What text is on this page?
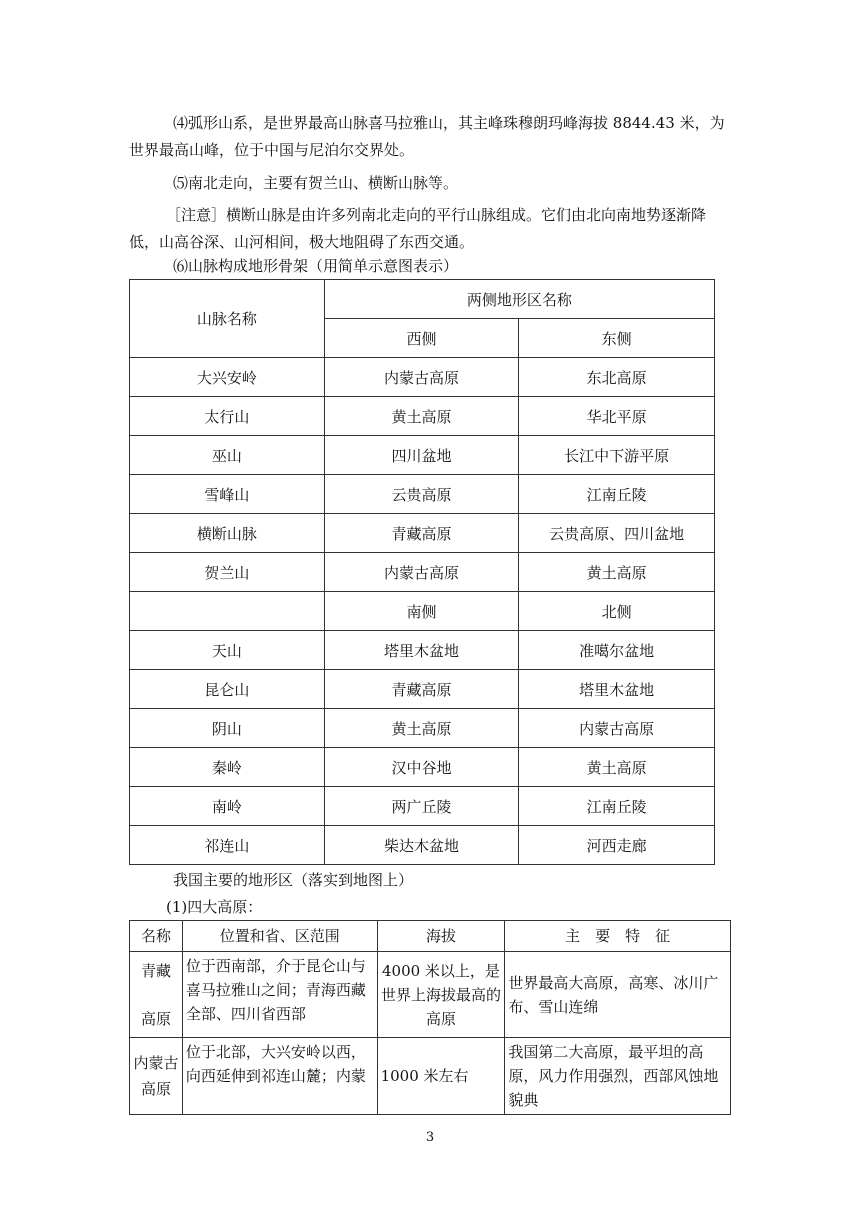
⑷弧形山系，是世界最高山脉喜马拉雅山，其主峰珠穆朗玛峰海拔 8844.43 米，为

世界最高山峰，位于中国与尼泊尔交界处。

⑸南北走向，主要有贺兰山、横断山脉等。

［注意］横断山脉是由许多列南北走向的平行山脉组成。它们由北向南地势逐渐降

低，山高谷深、山河相间，极大地阻碍了东西交通。

⑹山脉构成地形骨架（用简单示意图表示）

山脉名称	两侧地形区名称	
	西侧	东侧
大兴安岭	内蒙古高原	东北高原
太行山	黄土高原	华北平原
巫山	四川盆地	长江中下游平原
雪峰山	云贵高原	江南丘陵
横断山脉	青藏高原	云贵高原、四川盆地
贺兰山	内蒙古高原	黄土高原
	南侧	北侧
天山	塔里木盆地	准噶尔盆地
昆仑山	青藏高原	塔里木盆地
阴山	黄土高原	内蒙古高原
秦岭	汉中谷地	黄土高原
南岭	两广丘陵	江南丘陵
祁连山	柴达木盆地	河西走廊

我国主要的地形区（落实到地图上）

(1)四大高原：

名称	位置和省、区范围	海拔	主　要　特　征

青藏
高原	位于西南部，介于昆仑山与喜马拉雅山之间；青海西藏全部、四川省西部	4000 米以上，是世界上海拔最高的高原	世界最高大高原，高寒、冰川广布、雪山连绵

内蒙古
高原	位于北部，大兴安岭以西，向西延伸到祁连山麓；内蒙	1000 米左右	我国第二大高原，最平坦的高原，风力作用强烈，西部风蚀地貌典
3
